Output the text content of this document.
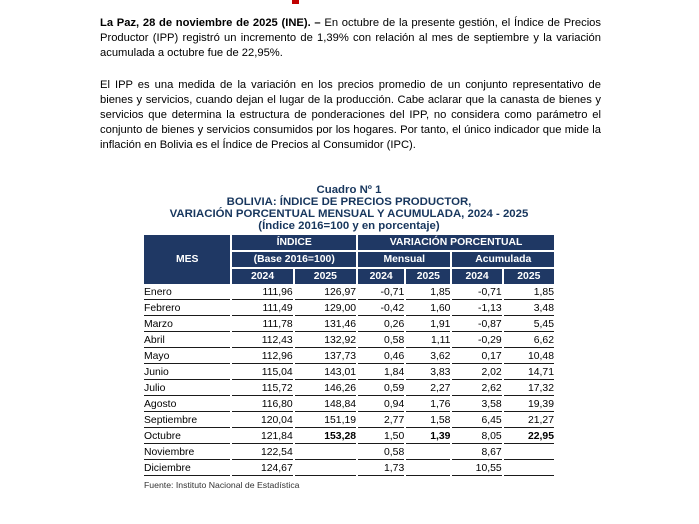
La Paz, 28 de noviembre de 2025 (INE). – En octubre de la presente gestión, el Índice de Precios Productor (IPP) registró un incremento de 1,39% con relación al mes de septiembre y la variación acumulada a octubre fue de 22,95%.

El IPP es una medida de la variación en los precios promedio de un conjunto representativo de bienes y servicios, cuando dejan el lugar de la producción. Cabe aclarar que la canasta de bienes y servicios que determina la estructura de ponderaciones del IPP, no considera como parámetro el conjunto de bienes y servicios consumidos por los hogares. Por tanto, el único indicador que mide la inflación en Bolivia es el Índice de Precios al Consumidor (IPC).

Cuadro Nº 1
BOLIVIA: ÍNDICE DE PRECIOS PRODUCTOR,
VARIACIÓN PORCENTUAL MENSUAL Y ACUMULADA, 2024 - 2025
(Índice 2016=100 y en porcentaje)
MES	ÍNDICE		VARIACIÓN PORCENTUAL			
	(Base 2016=100)		Mensual		Acumulada	
	2024	2025	2024	2025	2024	2025
Enero	111,96	126,97	-0,71	1,85	-0,71	1,85
Febrero	111,49	129,00	-0,42	1,60	-1,13	3,48
Marzo	111,78	131,46	0,26	1,91	-0,87	5,45
Abril	112,43	132,92	0,58	1,11	-0,29	6,62
Mayo	112,96	137,73	0,46	3,62	0,17	10,48
Junio	115,04	143,01	1,84	3,83	2,02	14,71
Julio	115,72	146,26	0,59	2,27	2,62	17,32
Agosto	116,80	148,84	0,94	1,76	3,58	19,39
Septiembre	120,04	151,19	2,77	1,58	6,45	21,27
Octubre	121,84	153,28	1,50	1,39	8,05	22,95
Noviembre	122,54		0,58		8,67	
Diciembre	124,67		1,73		10,55	
Fuente: Instituto Nacional de Estadística
